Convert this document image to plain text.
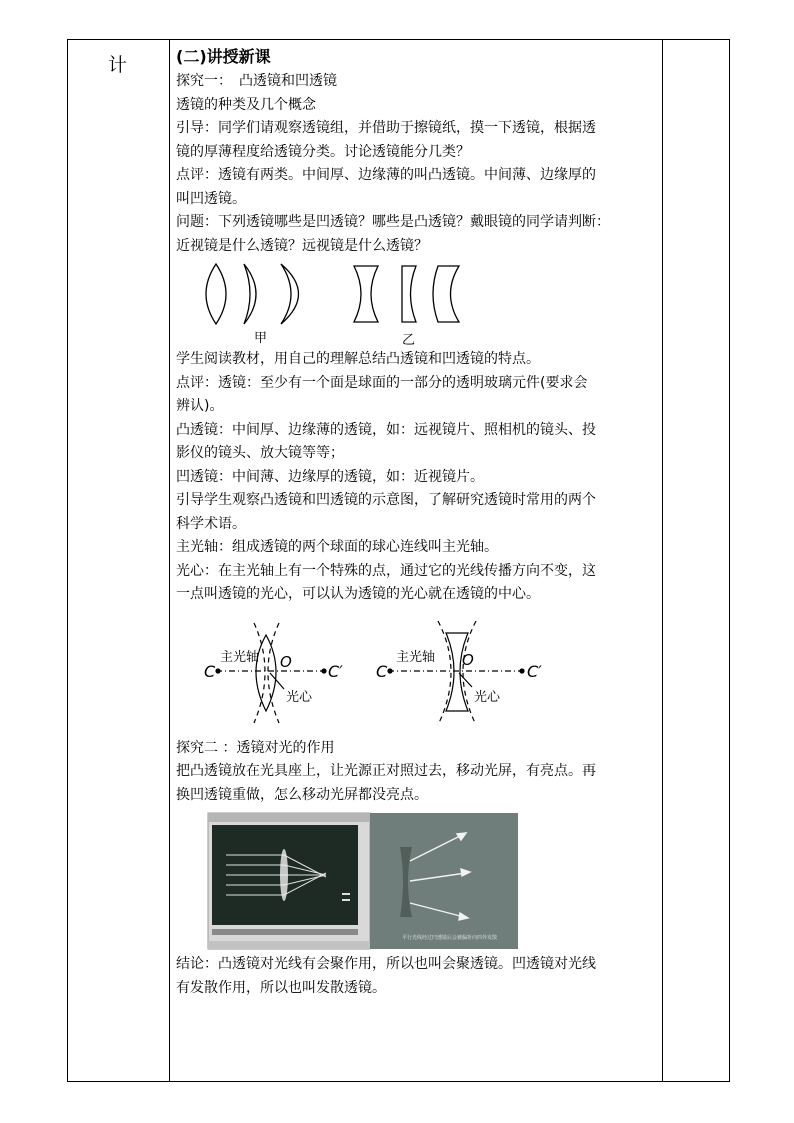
计	(二)讲授新课

探究一：　凸透镜和凹透镜

透镜的种类及几个概念

引导：同学们请观察透镜组，并借助于擦镜纸，摸一下透镜，根据透

镜的厚薄程度给透镜分类。讨论透镜能分几类？

点评：透镜有两类。中间厚、边缘薄的叫凸透镜。中间薄、边缘厚的

叫凹透镜。

问题：下列透镜哪些是凹透镜？哪些是凸透镜？戴眼镜的同学请判断：

近视镜是什么透镜？远视镜是什么透镜？

甲	乙

学生阅读教材，用自己的理解总结凸透镜和凹透镜的特点。

点评：透镜：至少有一个面是球面的一部分的透明玻璃元件(要求会

辨认)。

凸透镜：中间厚、边缘薄的透镜，如：远视镜片、照相机的镜头、投

影仪的镜头、放大镜等等；

凹透镜：中间薄、边缘厚的透镜，如：近视镜片。

引导学生观察凸透镜和凹透镜的示意图，了解研究透镜时常用的两个

科学术语。

主光轴：组成透镜的两个球面的球心连线叫主光轴。

光心：在主光轴上有一个特殊的点，通过它的光线传播方向不变，这

一点叫透镜的光心，可以认为透镜的光心就在透镜的中心。

C	C′
O
主光轴
光心
C	C′
O
主光轴
光心

探究二 ：透镜对光的作用

把凸透镜放在光具座上，让光源正对照过去，移动光屏，有亮点。再

换凹透镜重做，怎么移动光屏都没亮点。

平行光线经过凹透镜后会被偏折向四外发散

结论：凸透镜对光线有会聚作用，所以也叫会聚透镜。凹透镜对光线

有发散作用，所以也叫发散透镜。
